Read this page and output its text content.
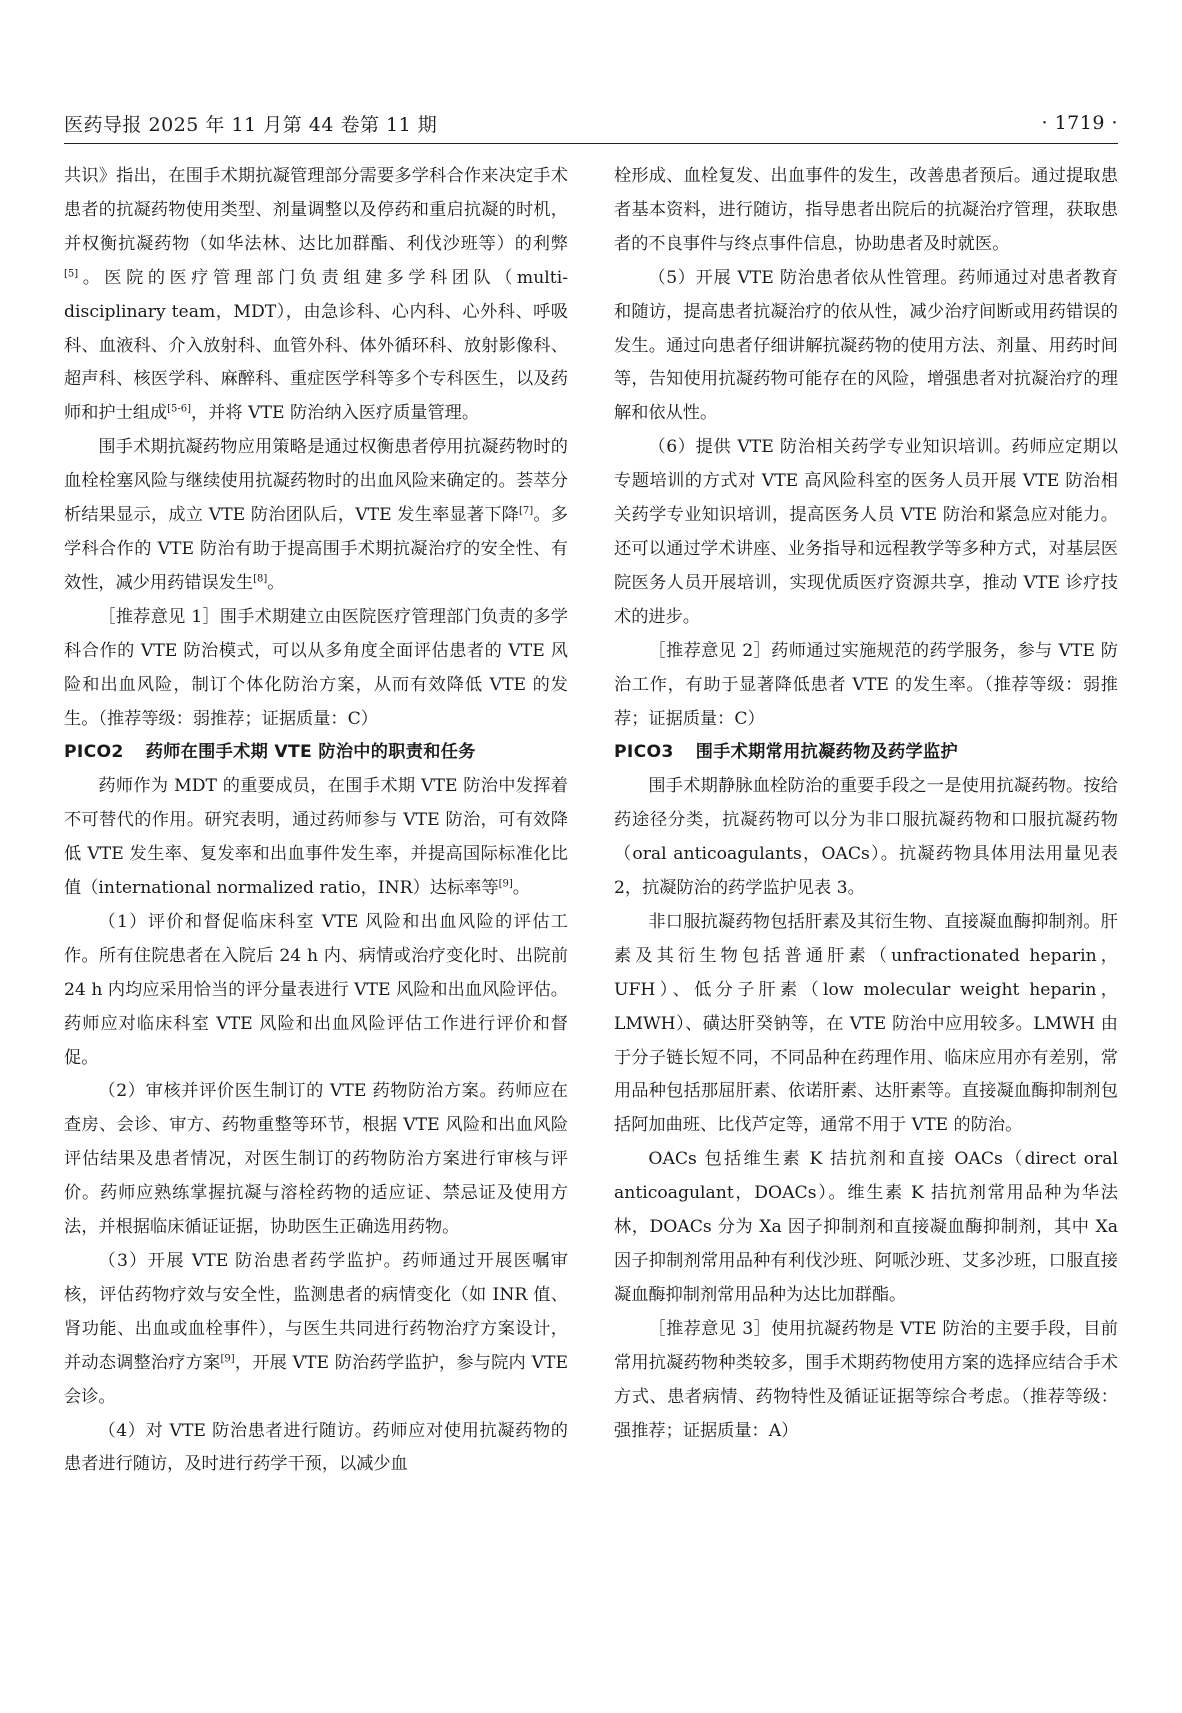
医药导报 2025 年 11 月第 44 卷第 11 期	· 1719 ·

共识》指出，在围手术期抗凝管理部分需要多学科合作来决定手术患者的抗凝药物使用类型、剂量调整以及停药和重启抗凝的时机，并权衡抗凝药物（如华法林、达比加群酯、利伐沙班等）的利弊[5]。医院的医疗管理部门负责组建多学科团队（multi-disciplinary team，MDT），由急诊科、心内科、心外科、呼吸科、血液科、介入放射科、血管外科、体外循环科、放射影像科、超声科、核医学科、麻醉科、重症医学科等多个专科医生，以及药师和护士组成[5-6]，并将 VTE 防治纳入医疗质量管理。

围手术期抗凝药物应用策略是通过权衡患者停用抗凝药物时的血栓栓塞风险与继续使用抗凝药物时的出血风险来确定的。荟萃分析结果显示，成立 VTE 防治团队后，VTE 发生率显著下降[7]。多学科合作的 VTE 防治有助于提高围手术期抗凝治疗的安全性、有效性，减少用药错误发生[8]。

［推荐意见 1］围手术期建立由医院医疗管理部门负责的多学科合作的 VTE 防治模式，可以从多角度全面评估患者的 VTE 风险和出血风险，制订个体化防治方案，从而有效降低 VTE 的发生。（推荐等级：弱推荐；证据质量：C）

PICO2 药师在围手术期 VTE 防治中的职责和任务

药师作为 MDT 的重要成员，在围手术期 VTE 防治中发挥着不可替代的作用。研究表明，通过药师参与 VTE 防治，可有效降低 VTE 发生率、复发率和出血事件发生率，并提高国际标准化比值（international normalized ratio，INR）达标率等[9]。

（1）评价和督促临床科室 VTE 风险和出血风险的评估工作。所有住院患者在入院后 24 h 内、病情或治疗变化时、出院前 24 h 内均应采用恰当的评分量表进行 VTE 风险和出血风险评估。药师应对临床科室 VTE 风险和出血风险评估工作进行评价和督促。

（2）审核并评价医生制订的 VTE 药物防治方案。药师应在查房、会诊、审方、药物重整等环节，根据 VTE 风险和出血风险评估结果及患者情况，对医生制订的药物防治方案进行审核与评价。药师应熟练掌握抗凝与溶栓药物的适应证、禁忌证及使用方法，并根据临床循证证据，协助医生正确选用药物。

（3）开展 VTE 防治患者药学监护。药师通过开展医嘱审核，评估药物疗效与安全性，监测患者的病情变化（如 INR 值、肾功能、出血或血栓事件），与医生共同进行药物治疗方案设计，并动态调整治疗方案[9]，开展 VTE 防治药学监护，参与院内 VTE 会诊。

（4）对 VTE 防治患者进行随访。药师应对使用抗凝药物的患者进行随访，及时进行药学干预，以减少血

栓形成、血栓复发、出血事件的发生，改善患者预后。通过提取患者基本资料，进行随访，指导患者出院后的抗凝治疗管理，获取患者的不良事件与终点事件信息，协助患者及时就医。

（5）开展 VTE 防治患者依从性管理。药师通过对患者教育和随访，提高患者抗凝治疗的依从性，减少治疗间断或用药错误的发生。通过向患者仔细讲解抗凝药物的使用方法、剂量、用药时间等，告知使用抗凝药物可能存在的风险，增强患者对抗凝治疗的理解和依从性。

（6）提供 VTE 防治相关药学专业知识培训。药师应定期以专题培训的方式对 VTE 高风险科室的医务人员开展 VTE 防治相关药学专业知识培训，提高医务人员 VTE 防治和紧急应对能力。还可以通过学术讲座、业务指导和远程教学等多种方式，对基层医院医务人员开展培训，实现优质医疗资源共享，推动 VTE 诊疗技术的进步。

［推荐意见 2］药师通过实施规范的药学服务，参与 VTE 防治工作，有助于显著降低患者 VTE 的发生率。（推荐等级：弱推荐；证据质量：C）

PICO3 围手术期常用抗凝药物及药学监护

围手术期静脉血栓防治的重要手段之一是使用抗凝药物。按给药途径分类，抗凝药物可以分为非口服抗凝药物和口服抗凝药物（oral anticoagulants，OACs）。抗凝药物具体用法用量见表 2，抗凝防治的药学监护见表 3。

非口服抗凝药物包括肝素及其衍生物、直接凝血酶抑制剂。肝素及其衍生物包括普通肝素（unfractionated heparin，UFH）、低分子肝素（low molecular weight heparin，LMWH）、磺达肝癸钠等，在 VTE 防治中应用较多。LMWH 由于分子链长短不同，不同品种在药理作用、临床应用亦有差别，常用品种包括那屈肝素、依诺肝素、达肝素等。直接凝血酶抑制剂包括阿加曲班、比伐芦定等，通常不用于 VTE 的防治。

OACs 包括维生素 K 拮抗剂和直接 OACs（direct oral anticoagulant，DOACs）。维生素 K 拮抗剂常用品种为华法林，DOACs 分为 Xa 因子抑制剂和直接凝血酶抑制剂，其中 Xa 因子抑制剂常用品种有利伐沙班、阿哌沙班、艾多沙班，口服直接凝血酶抑制剂常用品种为达比加群酯。

［推荐意见 3］使用抗凝药物是 VTE 防治的主要手段，目前常用抗凝药物种类较多，围手术期药物使用方案的选择应结合手术方式、患者病情、药物特性及循证证据等综合考虑。（推荐等级：强推荐；证据质量：A）
